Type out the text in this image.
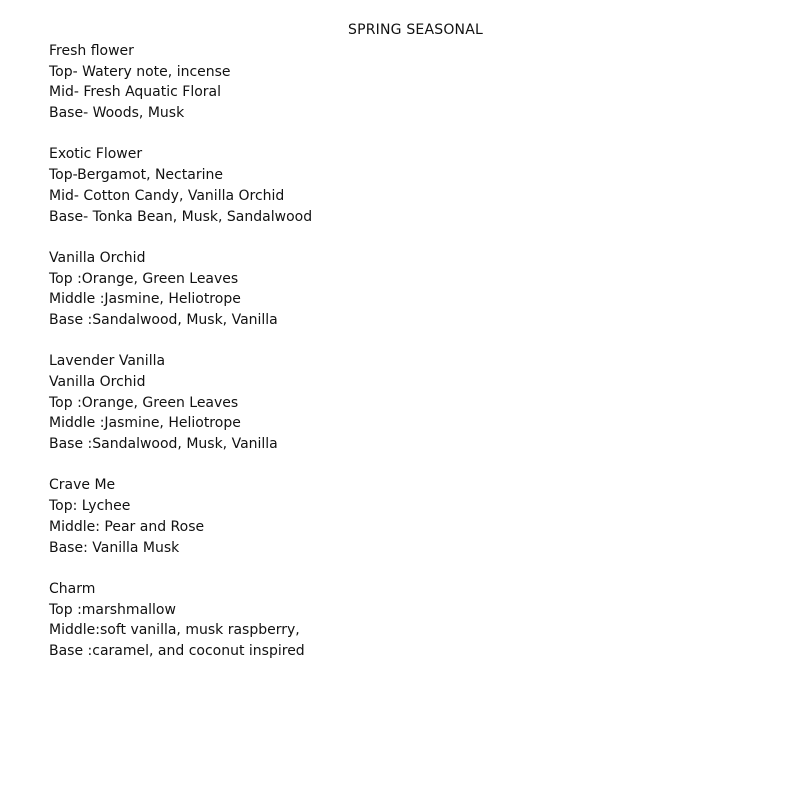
SPRING SEASONAL
Fresh flower
Top- Watery note, incense
Mid- Fresh Aquatic Floral
Base- Woods, Musk
Exotic Flower
Top-Bergamot, Nectarine
Mid- Cotton Candy, Vanilla Orchid
Base- Tonka Bean, Musk, Sandalwood
Vanilla Orchid
Top :Orange, Green Leaves
Middle :Jasmine, Heliotrope
Base :Sandalwood, Musk, Vanilla
Lavender Vanilla
Vanilla Orchid
Top :Orange, Green Leaves
Middle :Jasmine, Heliotrope
Base :Sandalwood, Musk, Vanilla
Crave Me
Top: Lychee
Middle: Pear and Rose
Base: Vanilla Musk
Charm
Top :marshmallow
Middle:soft vanilla, musk raspberry,
Base :caramel, and coconut inspired
